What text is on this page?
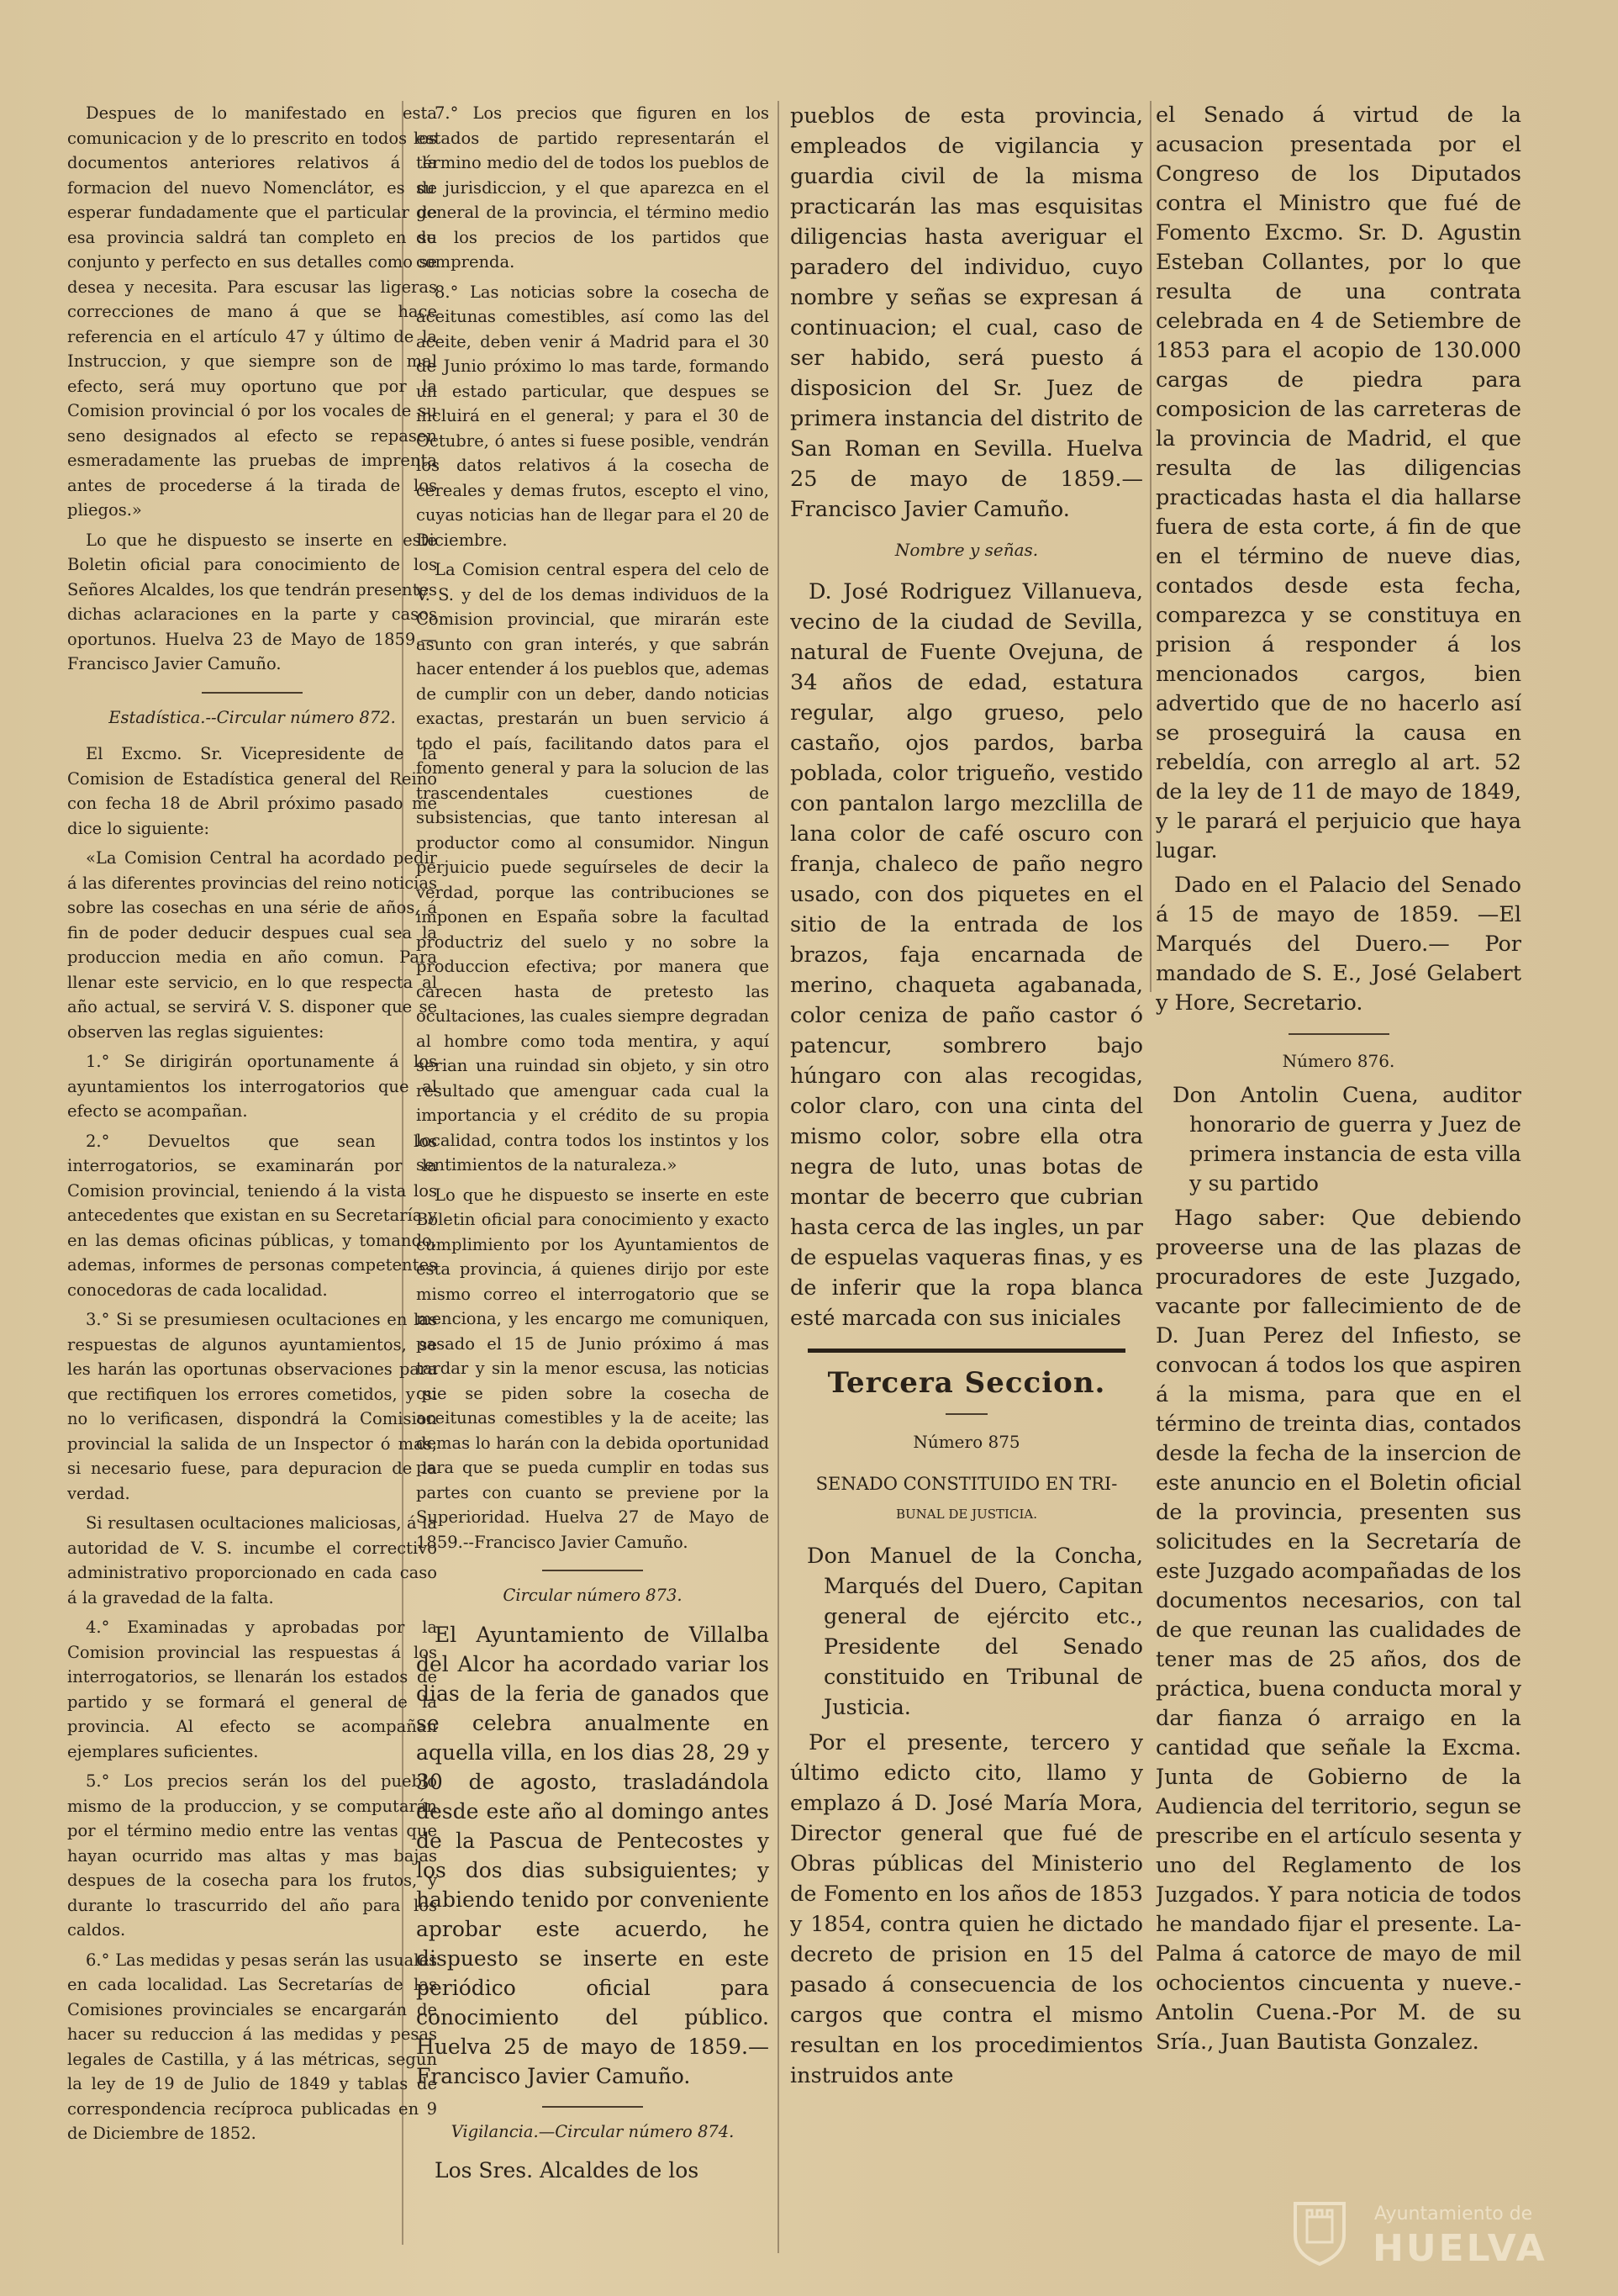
Despues de lo manifestado en esta comunicacion y de lo prescrito en todos los documentos anteriores relativos á la formacion del nuevo Nomenclátor, es de esperar fundadamente que el particular de esa provincia saldrá tan completo en su conjunto y perfecto en sus detalles como se desea y necesita. Para escusar las ligeras correcciones de mano á que se hace referencia en el artículo 47 y último de la Instruccion, y que siempre son de mal efecto, será muy oportuno que por la Comision provincial ó por los vocales de su seno designados al efecto se repasen esmeradamente las pruebas de imprenta antes de procederse á la tirada de los pliegos.»

Lo que he dispuesto se inserte en este Boletin oficial para conocimiento de los Señores Alcaldes, los que tendrán presentes dichas aclaraciones en la parte y casos oportunos. Huelva 23 de Mayo de 1859.—Francisco Javier Camuño.

Estadística.--Circular número 872.

El Excmo. Sr. Vicepresidente de la Comision de Estadística general del Reino con fecha 18 de Abril próximo pasado me dice lo siguiente:

«La Comision Central ha acordado pedir á las diferentes provincias del reino noticias sobre las cosechas en una série de años, á fin de poder deducir despues cual sea la produccion media en año comun. Para llenar este servicio, en lo que respecta al año actual, se servirá V. S. disponer que se observen las reglas siguientes:

1.° Se dirigirán oportunamente á los ayuntamientos los interrogatorios que al efecto se acompañan.

2.° Devueltos que sean los interrogatorios, se examinarán por la Comision provincial, teniendo á la vista los antecedentes que existan en su Secretaría y en las demas oficinas públicas, y tomando, ademas, informes de personas competentes conocedoras de cada localidad.

3.° Si se presumiesen ocultaciones en las respuestas de algunos ayuntamientos, se les harán las oportunas observaciones para que rectifiquen los errores cometidos, y si no lo verificasen, dispondrá la Comision provincial la salida de un Inspector ó mas, si necesario fuese, para depuracion de la verdad.

Si resultasen ocultaciones maliciosas, á la autoridad de V. S. incumbe el correctivo administrativo proporcionado en cada caso á la gravedad de la falta.

4.° Examinadas y aprobadas por la Comision provincial las respuestas á los interrogatorios, se llenarán los estados de partido y se formará el general de la provincia. Al efecto se acompañan ejemplares suficientes.

5.° Los precios serán los del pueblo mismo de la produccion, y se computarán por el término medio entre las ventas que hayan ocurrido mas altas y mas bajas despues de la cosecha para los frutos, y durante lo trascurrido del año para los caldos.

6.° Las medidas y pesas serán las usuales en cada localidad. Las Secretarías de las Comisiones provinciales se encargarán de hacer su reduccion á las medidas y pesas legales de Castilla, y á las métricas, segun la ley de 19 de Julio de 1849 y tablas de correspondencia recíproca publicadas en 9 de Diciembre de 1852.

7.° Los precios que figuren en los estados de partido representarán el término medio del de todos los pueblos de su jurisdiccion, y el que aparezca en el general de la provincia, el término medio de los precios de los partidos que comprenda.

8.° Las noticias sobre la cosecha de aceitunas comestibles, así como las del aceite, deben venir á Madrid para el 30 de Junio próximo lo mas tarde, formando un estado particular, que despues se incluirá en el general; y para el 30 de Octubre, ó antes si fuese posible, vendrán los datos relativos á la cosecha de cereales y demas frutos, escepto el vino, cuyas noticias han de llegar para el 20 de Diciembre.

La Comision central espera del celo de V. S. y del de los demas individuos de la Comision provincial, que mirarán este asunto con gran interés, y que sabrán hacer entender á los pueblos que, ademas de cumplir con un deber, dando noticias exactas, prestarán un buen servicio á todo el país, facilitando datos para el fomento general y para la solucion de las trascendentales cuestiones de subsistencias, que tanto interesan al productor como al consumidor. Ningun perjuicio puede seguírseles de decir la verdad, porque las contribuciones se imponen en España sobre la facultad productriz del suelo y no sobre la produccion efectiva; por manera que carecen hasta de pretesto las ocultaciones, las cuales siempre degradan al hombre como toda mentira, y aquí serian una ruindad sin objeto, y sin otro resultado que amenguar cada cual la importancia y el crédito de su propia localidad, contra todos los instintos y los sentimientos de la naturaleza.»

Lo que he dispuesto se inserte en este Boletin oficial para conocimiento y exacto cumplimiento por los Ayuntamientos de esta provincia, á quienes dirijo por este mismo correo el interrogatorio que se menciona, y les encargo me comuniquen, pasado el 15 de Junio próximo á mas tardar y sin la menor escusa, las noticias que se piden sobre la cosecha de aceitunas comestibles y la de aceite; las demas lo harán con la debida oportunidad para que se pueda cumplir en todas sus partes con cuanto se previene por la Superioridad. Huelva 27 de Mayo de 1859.--Francisco Javier Camuño.

Circular número 873.

El Ayuntamiento de Villalba del Alcor ha acordado variar los dias de la feria de ganados que se celebra anualmente en aquella villa, en los dias 28, 29 y 30 de agosto, trasladándola desde este año al domingo antes de la Pascua de Pentecostes y los dos dias subsiguientes; y habiendo tenido por conveniente aprobar este acuerdo, he dispuesto se inserte en este periódico oficial para conocimiento del público. Huelva 25 de mayo de 1859.—Francisco Javier Camuño.

Vigilancia.—Circular número 874.

Los Sres. Alcaldes de los

pueblos de esta provincia, empleados de vigilancia y guardia civil de la misma practicarán las mas esquisitas diligencias hasta averiguar el paradero del individuo, cuyo nombre y señas se expresan á continuacion; el cual, caso de ser habido, será puesto á disposicion del Sr. Juez de primera instancia del distrito de San Roman en Sevilla. Huelva 25 de mayo de 1859.—Francisco Javier Camuño.

Nombre y señas.

D. José Rodriguez Villanueva, vecino de la ciudad de Sevilla, natural de Fuente Ovejuna, de 34 años de edad, estatura regular, algo grueso, pelo castaño, ojos pardos, barba poblada, color trigueño, vestido con pantalon largo mezclilla de lana color de café oscuro con franja, chaleco de paño negro usado, con dos piquetes en el sitio de la entrada de los brazos, faja encarnada de merino, chaqueta agabanada, color ceniza de paño castor ó patencur, sombrero bajo húngaro con alas recogidas, color claro, con una cinta del mismo color, sobre ella otra negra de luto, unas botas de montar de becerro que cubrian hasta cerca de las ingles, un par de espuelas vaqueras finas, y es de inferir que la ropa blanca esté marcada con sus iniciales

Tercera Seccion.

Número 875

SENADO CONSTITUIDO EN TRI-

BUNAL DE JUSTICIA.

Don Manuel de la Concha, Marqués del Duero, Capitan general de ejército etc., Presidente del Senado constituido en Tribunal de Justicia.

Por el presente, tercero y último edicto cito, llamo y emplazo á D. José María Mora, Director general que fué de Obras públicas del Ministerio de Fomento en los años de 1853 y 1854, contra quien he dictado decreto de prision en 15 del pasado á consecuencia de los cargos que contra el mismo resultan en los procedimientos instruidos ante

el Senado á virtud de la acusacion presentada por el Congreso de los Diputados contra el Ministro que fué de Fomento Excmo. Sr. D. Agustin Esteban Collantes, por lo que resulta de una contrata celebrada en 4 de Setiembre de 1853 para el acopio de 130.000 cargas de piedra para composicion de las carreteras de la provincia de Madrid, el que resulta de las diligencias practicadas hasta el dia hallarse fuera de esta corte, á fin de que en el término de nueve dias, contados desde esta fecha, comparezca y se constituya en prision á responder á los mencionados cargos, bien advertido que de no hacerlo así se proseguirá la causa en rebeldía, con arreglo al art. 52 de la ley de 11 de mayo de 1849, y le parará el perjuicio que haya lugar.

Dado en el Palacio del Senado á 15 de mayo de 1859. —El Marqués del Duero.— Por mandado de S. E., José Gelabert y Hore, Secretario.

Número 876.

Don Antolin Cuena, auditor honorario de guerra y Juez de primera instancia de esta villa y su partido

Hago saber: Que debiendo proveerse una de las plazas de procuradores de este Juzgado, vacante por fallecimiento de de D. Juan Perez del Infiesto, se convocan á todos los que aspiren á la misma, para que en el término de treinta dias, contados desde la fecha de la insercion de este anuncio en el Boletin oficial de la provincia, presenten sus solicitudes en la Secretaría de este Juzgado acompañadas de los documentos necesarios, con tal de que reunan las cualidades de tener mas de 25 años, dos de práctica, buena conducta moral y dar fianza ó arraigo en la cantidad que señale la Excma. Junta de Gobierno de la Audiencia del territorio, segun se prescribe en el artículo sesenta y uno del Reglamento de los Juzgados. Y para noticia de todos he mandado fijar el presente. La-Palma á catorce de mayo de mil ochocientos cincuenta y nueve.-Antolin Cuena.-Por M. de su Sría., Juan Bautista Gonzalez.

Ayuntamiento de
HUELVA
